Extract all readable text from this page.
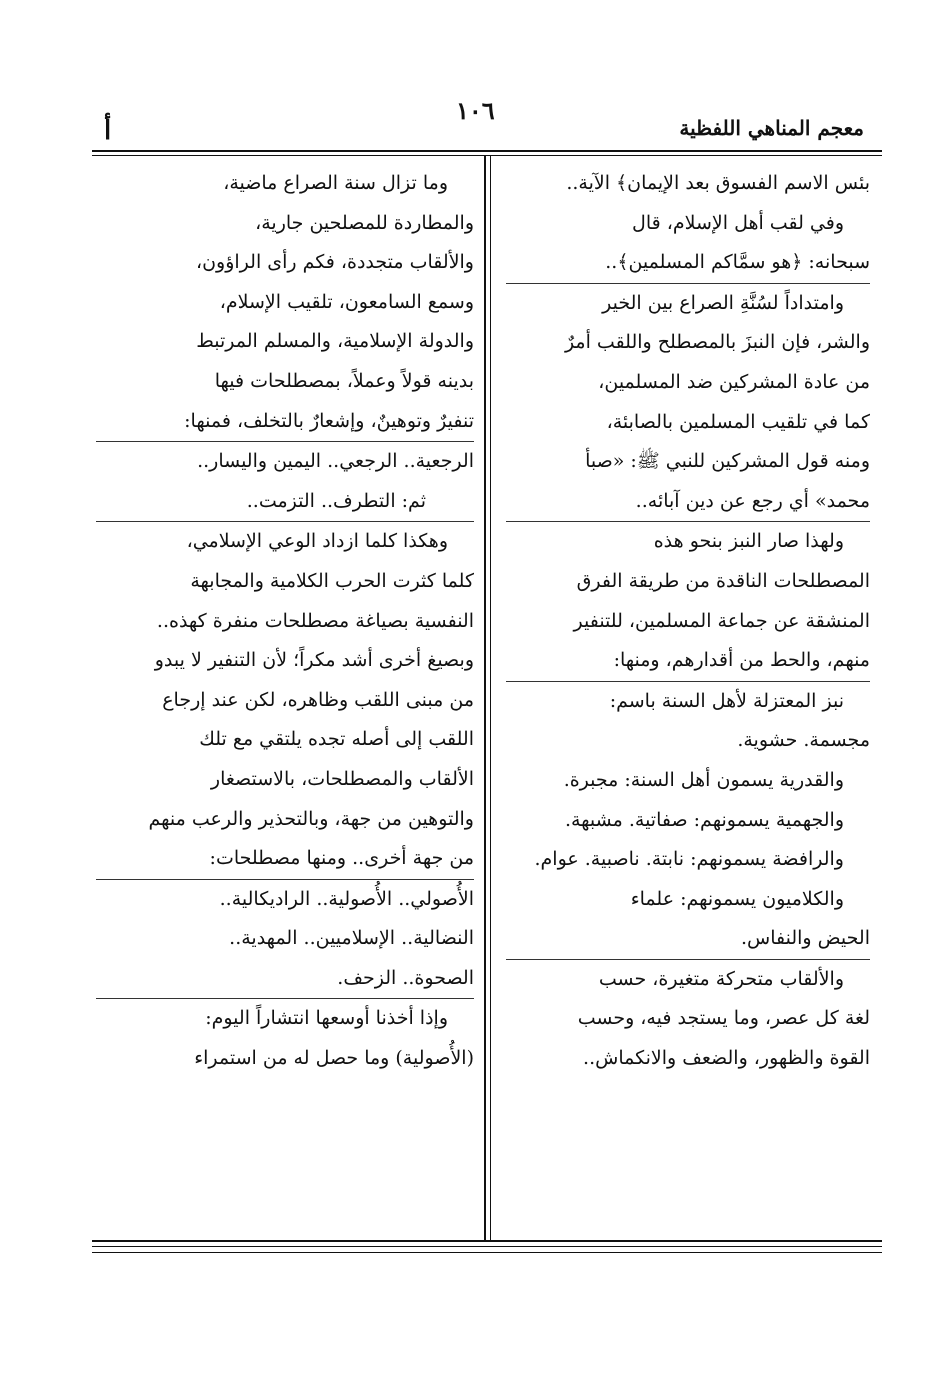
معجم المناهي اللفظية
١٠٦
أ

بئس الاسم الفسوق بعد الإيمان﴾ الآية..

وفي لقب أهل الإسلام، قال

سبحانه: ﴿هو سمَّاكم المسلمين﴾..

وامتداداً لسُنَّةِ الصراع بين الخير

والشر، فإن النبزَ بالمصطلح واللقب أمرٌ

من عادة المشركين ضد المسلمين،

كما في تلقيب المسلمين بالصابئة،

ومنه قول المشركين للنبي ﷺ: «صبأ

محمد» أي رجع عن دين آبائه..

ولهذا صار النبز بنحو هذه

المصطلحات الناقدة من طريقة الفرق

المنشقة عن جماعة المسلمين، للتنفير

منهم، والحط من أقدارهم، ومنها:

نبز المعتزلة لأهل السنة باسم:

مجسمة. حشوية.

والقدرية يسمون أهل السنة: مجبرة.

والجهمية يسمونهم: صفاتية. مشبهة.

والرافضة يسمونهم: نابتة. ناصبية. عوام.

والكلاميون يسمونهم: علماء

الحيض والنفاس.

والألقاب متحركة متغيرة، حسب

لغة كل عصر، وما يستجد فيه، وحسب

القوة والظهور، والضعف والانكماش..

وما تزال سنة الصراع ماضية،

والمطاردة للمصلحين جارية،

والألقاب متجددة، فكم رأى الراؤون،

وسمع السامعون، تلقيب الإسلام،

والدولة الإسلامية، والمسلم المرتبط

بدينه قولاً وعملاً، بمصطلحات فيها

تنفيرٌ وتوهينٌ، وإشعارٌ بالتخلف، فمنها:

الرجعية.. الرجعي.. اليمين واليسار..

ثم: التطرف.. التزمت..

وهكذا كلما ازداد الوعي الإسلامي،

كلما كثرت الحرب الكلامية والمجابهة

النفسية بصياغة مصطلحات منفرة كهذه..

وبصيغ أخرى أشد مكراً؛ لأن التنفير لا يبدو

من مبنى اللقب وظاهره، لكن عند إرجاع

اللقب إلى أصله تجده يلتقي مع تلك

الألقاب والمصطلحات، بالاستصغار

والتوهين من جهة، وبالتحذير والرعب منهم

من جهة أخرى.. ومنها مصطلحات:

الأُصولي.. الأُصولية.. الراديكالية..

النضالية.. الإسلاميين.. المهدية..

الصحوة.. الزحف.

وإذا أخذنا أوسعها انتشاراً اليوم:

(الأُصولية) وما حصل له من استمراء
